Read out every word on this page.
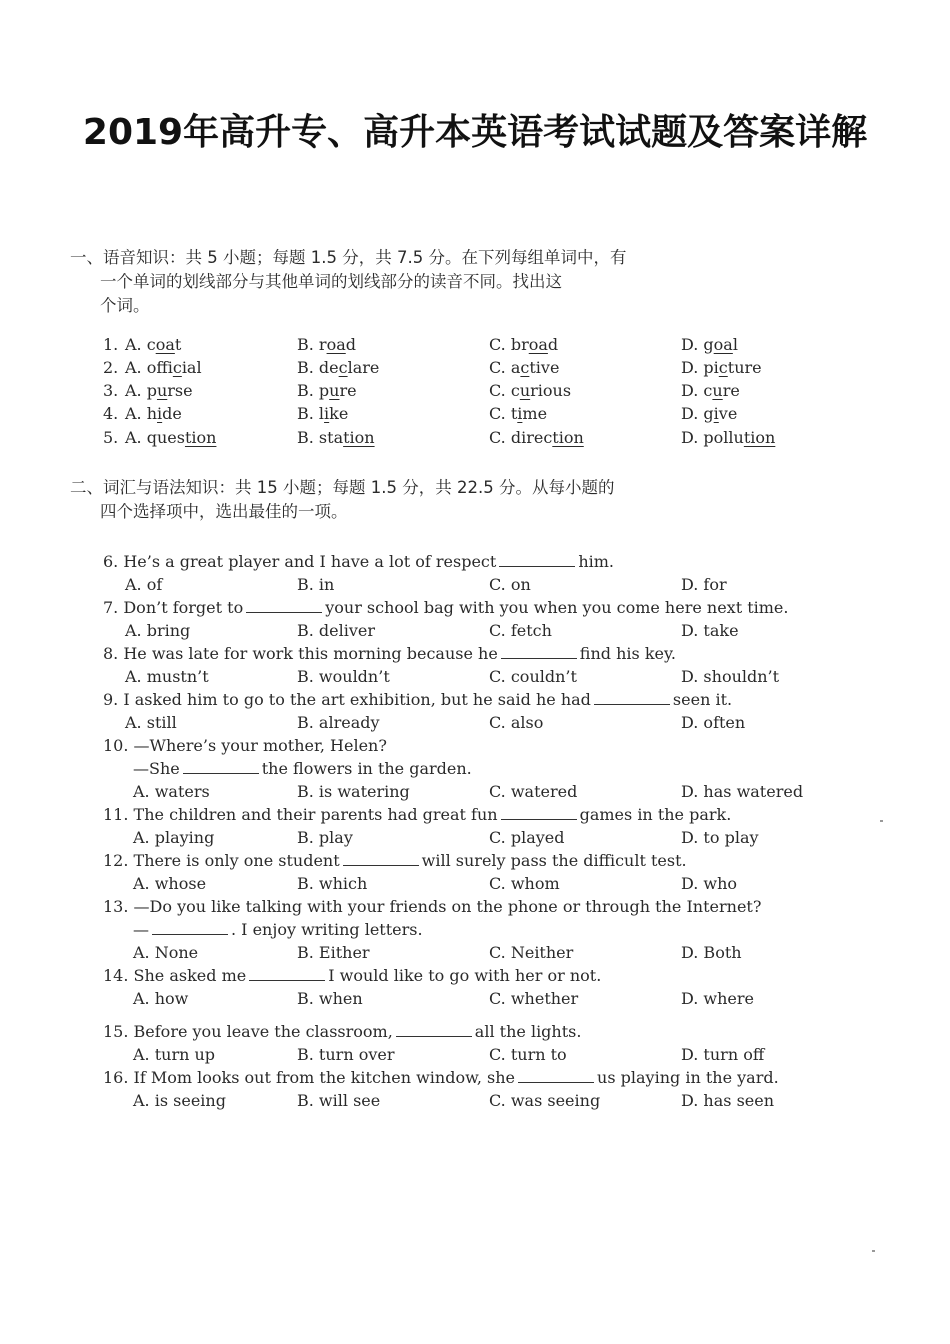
2019年高升专、高升本英语考试试题及答案详解
一、语音知识：共 5 小题；每题 1.5 分，共 7.5 分。在下列每组单词中，有
一个单词的划线部分与其他单词的划线部分的读音不同。找出这
个词。
1. A. coat	B. road	C. broad	D. goal
2. A. official	B. declare	C. active	D. picture
3. A. purse	B. pure	C. curious	D. cure
4. A. hide	B. like	C. time	D. give
5. A. question	B. station	C. direction	D. pollution
二、词汇与语法知识：共 15 小题；每题 1.5 分，共 22.5 分。从每小题的
四个选择项中，选出最佳的一项。
6. He’s a great player and I have a lot of respect	him.
A. of	B. in	C. on	D. for
7. Don’t forget to	your school bag with you when you come here next time.
A. bring	B. deliver	C. fetch	D. take
8. He was late for work this morning because he	find his key.
A. mustn’t	B. wouldn’t	C. couldn’t	D. shouldn’t
9. I asked him to go to the art exhibition, but he said he had	seen it.
A. still	B. already	C. also	D. often
10. —Where’s your mother, Helen?
—She	the flowers in the garden.
A. waters	B. is watering	C. watered	D. has watered
11. The children and their parents had great fun	games in the park.
A. playing	B. play	C. played	D. to play
12. There is only one student	will surely pass the difficult test.
A. whose	B. which	C. whom	D. who
13. —Do you like talking with your friends on the phone or through the Internet?
—	. I enjoy writing letters.
A. None	B. Either	C. Neither	D. Both
14. She asked me	I would like to go with her or not.
A. how	B. when	C. whether	D. where
15. Before you leave the classroom,	all the lights.
A. turn up	B. turn over	C. turn to	D. turn off
16. If Mom looks out from the kitchen window, she	us playing in the yard.
A. is seeing	B. will see	C. was seeing	D. has seen
